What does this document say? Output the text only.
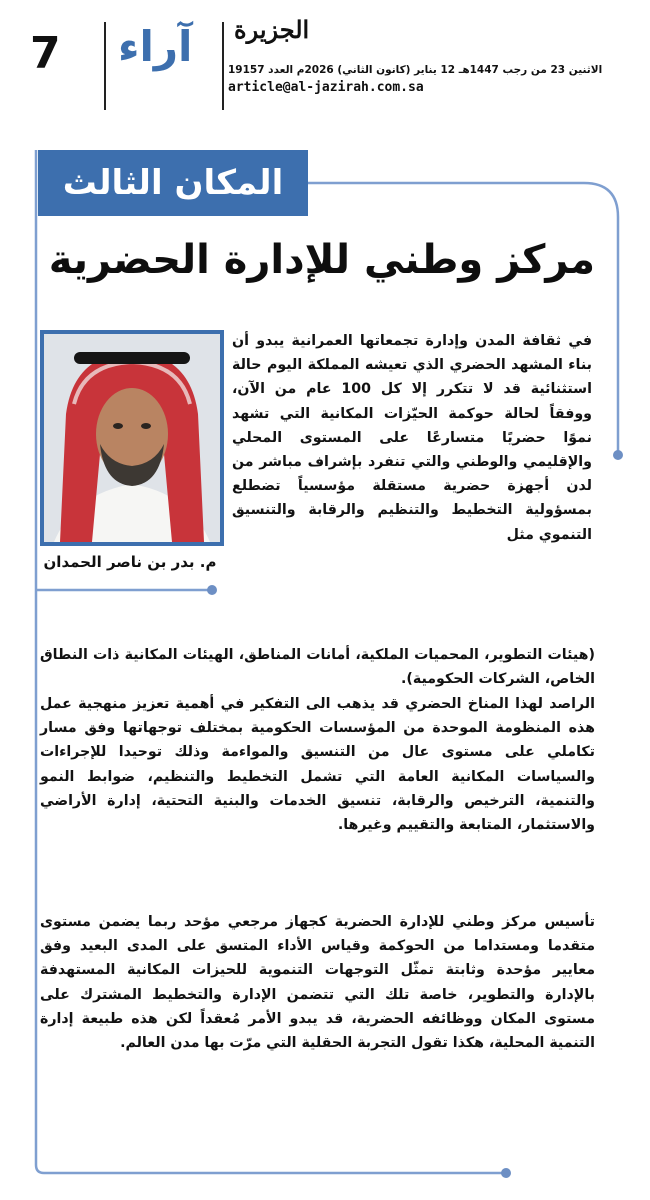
7 آراء الجزيرة
الاثنين 23 من رجب 1447هـ 12 يناير (كانون الثاني) 2026م العدد 19157
article@al-jazirah.com.sa
المكان الثالث
مركز وطني للإدارة الحضرية
م. بدر بن ناصر الحمدان
في ثقافة المدن وإدارة تجمعاتها العمرانية يبدو أن بناء المشهد الحضري الذي تعيشه المملكة اليوم حالة استثنائية قد لا تتكرر إلا كل 100 عام من الآن، ووفقاً لحالة حوكمة الحيّزات المكانية التي تشهد نموًا حضريًا متسارعًا على المستوى المحلي والإقليمي والوطني والتي تنفرد بإشراف مباشر من لدن أجهزة حضرية مستقلة مؤسسياً تضطلع بمسؤولية التخطيط والتنظيم والرقابة والتنسيق التنموي مثل
الراصد لهذا المناخ الحضري قد يذهب الى التفكير في أهمية تعزيز منهجية عمل هذه المنظومة الموحدة من المؤسسات الحكومية بمختلف توجهاتها وفق مسار تكاملي على مستوى عال من التنسيق والمواءمة وذلك توحيدا للإجراءات والسياسات المكانية العامة التي تشمل التخطيط والتنظيم، ضوابط النمو والتنمية، الترخيص والرقابة، تنسيق الخدمات والبنية التحتية، إدارة الأراضي والاستثمار، المتابعة والتقييم وغيرها.
تأسيس مركز وطني للإدارة الحضرية كجهاز مرجعي مؤحد ربما يضمن مستوى متقدما ومستداما من الحوكمة وقياس الأداء المتسق على المدى البعيد وفق معايير مؤحدة وثابتة تمثّل التوجهات التنموية للحيزات المكانية المستهدفة بالإدارة والتطوير، خاصة تلك التي تتضمن الإدارة والتخطيط المشترك على مستوى المكان ووظائفه الحضرية، قد يبدو الأمر مُعقداً لكن هذه طبيعة إدارة التنمية المحلية، هكذا تقول التجربة الحقلية التي مرّت بها مدن العالم.
(هيئات التطوير، المحميات الملكية، أمانات المناطق، الهيئات المكانية ذات النطاق الخاص، الشركات الحكومية).
